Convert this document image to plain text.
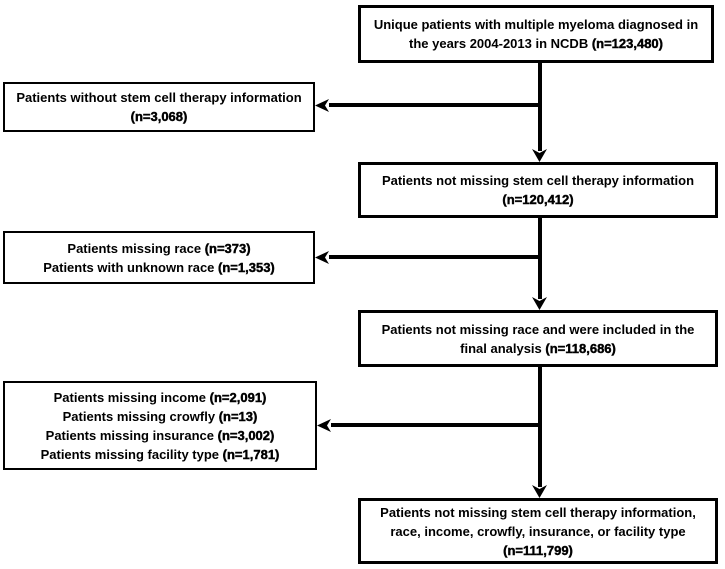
Unique patients with multiple myeloma diagnosed in
the years 2004-2013 in NCDB (n=123,480)
Patients without stem cell therapy information
(n=3,068)
Patients not missing stem cell therapy information
(n=120,412)
Patients missing race (n=373)
Patients with unknown race (n=1,353)
Patients not missing race and were included in the
final analysis (n=118,686)
Patients missing income (n=2,091)
Patients missing crowfly (n=13)
Patients missing insurance (n=3,002)
Patients missing facility type (n=1,781)
Patients not missing stem cell therapy information,
race, income, crowfly, insurance, or facility type
(n=111,799)
